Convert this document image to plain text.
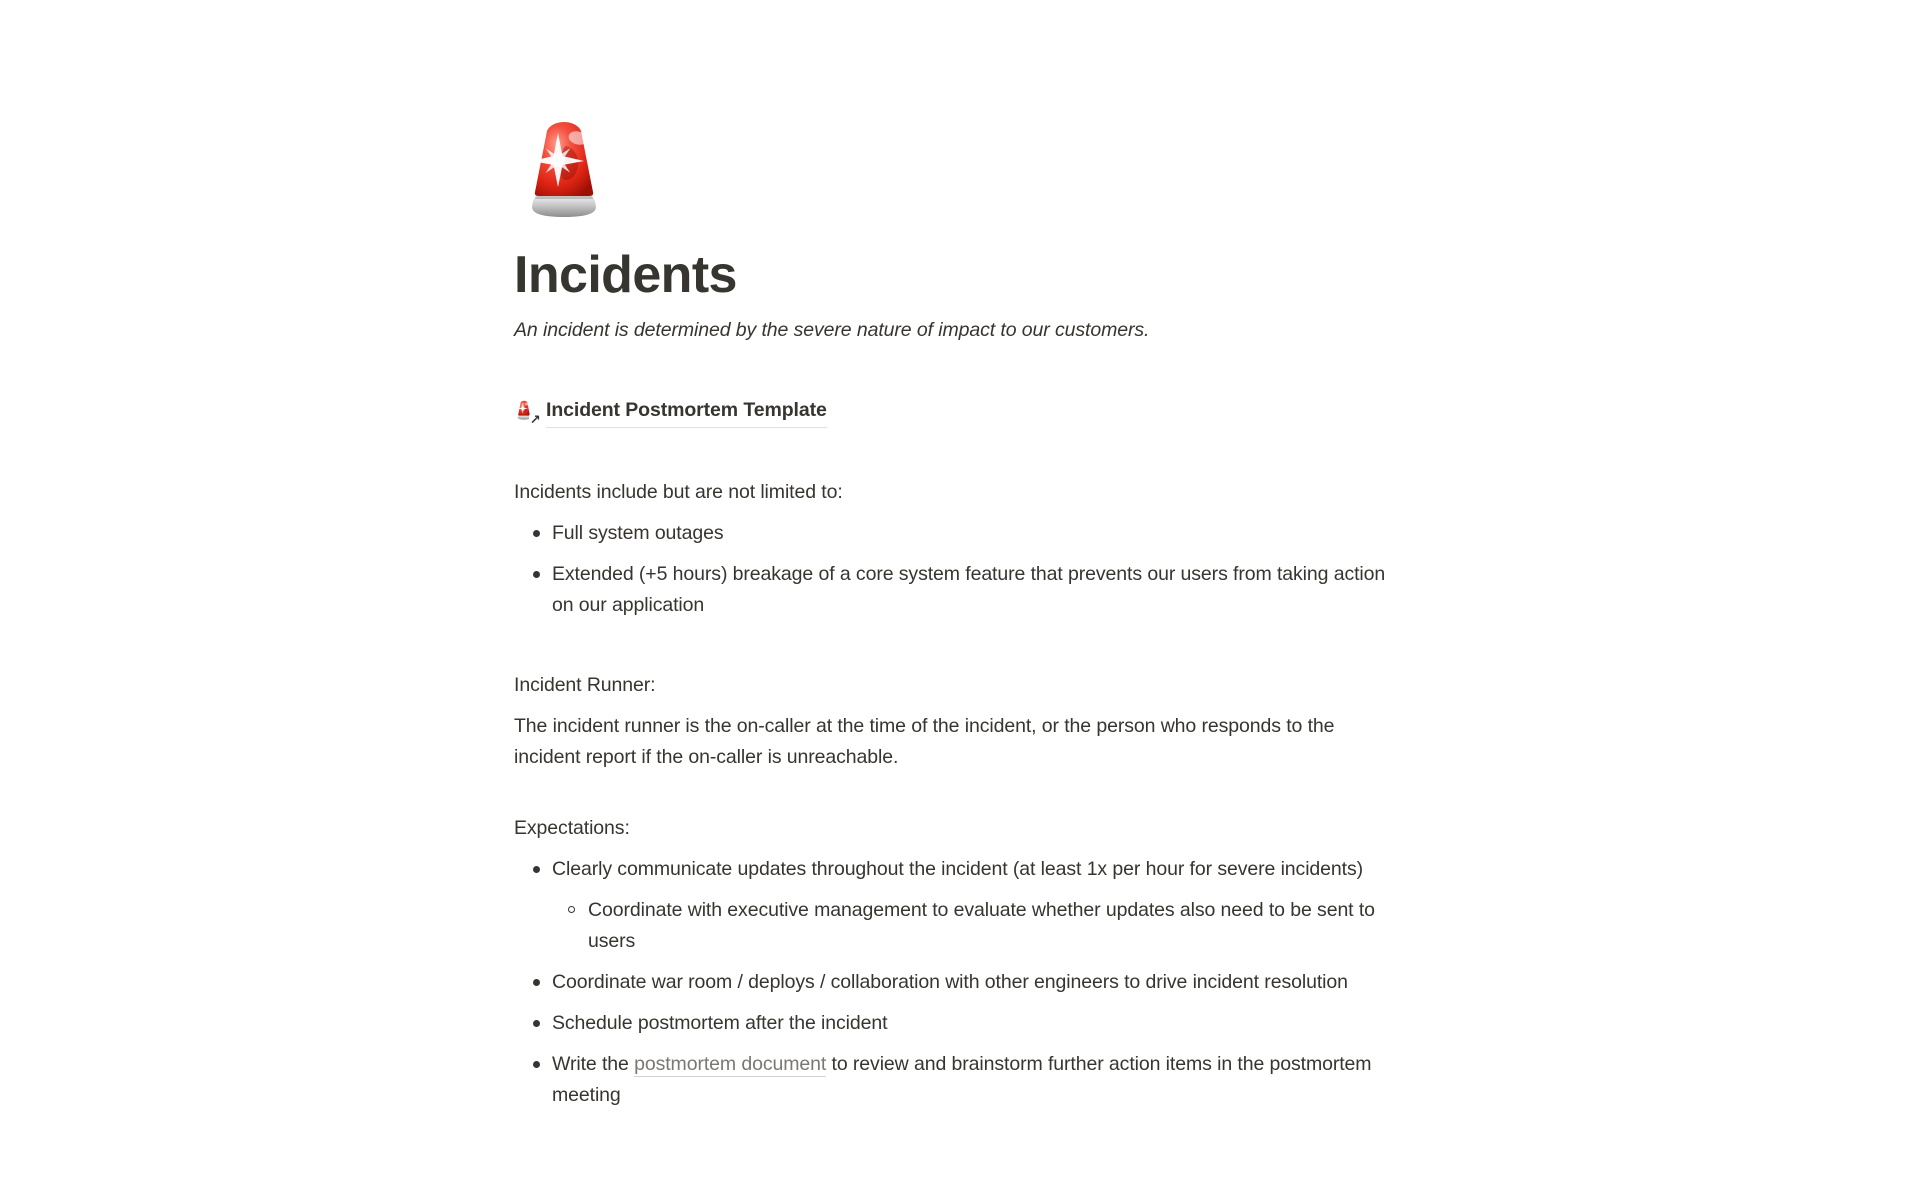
Incidents

An incident is determined by the severe nature of impact to our customers.

↗ Incident Postmortem Template

Incidents include but are not limited to:

Full system outages
Extended (+5 hours) breakage of a core system feature that prevents our users from taking action on our application

Incident Runner:

The incident runner is the on-caller at the time of the incident, or the person who responds to the incident report if the on-caller is unreachable.

Expectations:

Clearly communicate updates throughout the incident (at least 1x per hour for severe incidents)
Coordinate with executive management to evaluate whether updates also need to be sent to users
Coordinate war room / deploys / collaboration with other engineers to drive incident resolution
Schedule postmortem after the incident
Write the postmortem document to review and brainstorm further action items in the postmortem meeting
